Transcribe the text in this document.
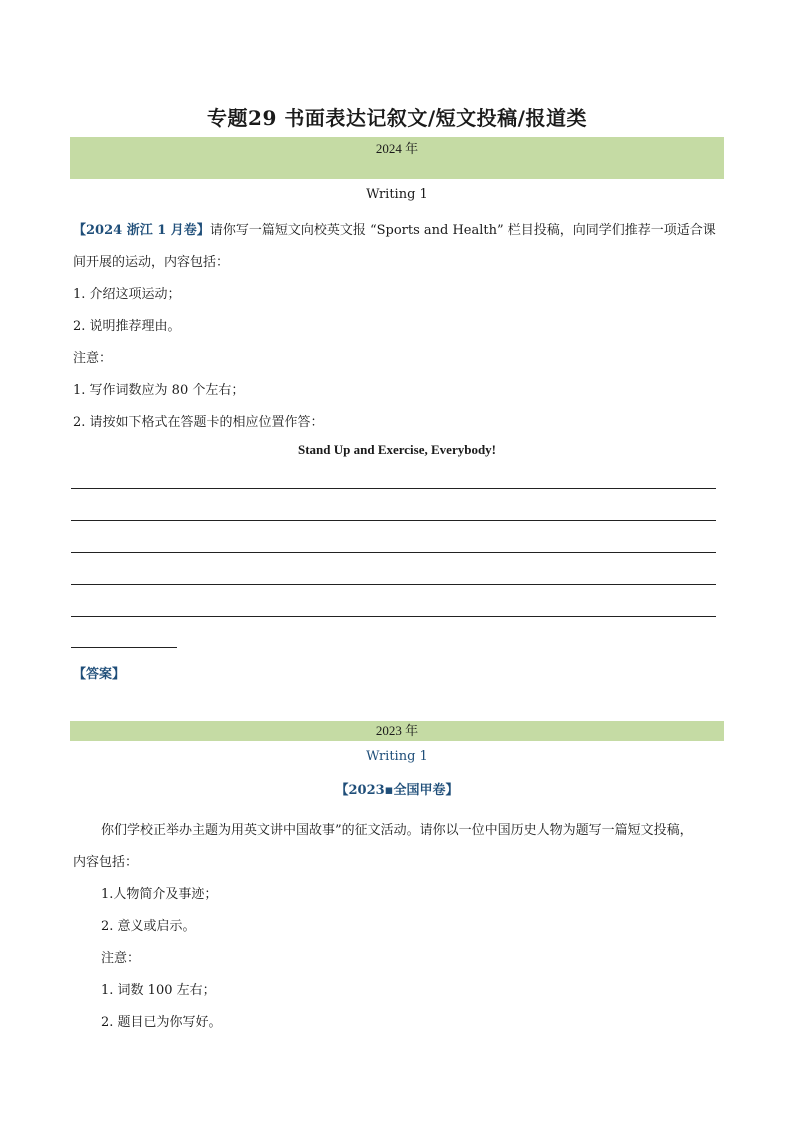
专题29 书面表达记叙文/短文投稿/报道类
2024 年
Writing 1
【2024 浙江 1 月卷】请你写一篇短文向校英文报 “Sports and Health” 栏目投稿，向同学们推荐一项适合课
间开展的运动，内容包括：
1. 介绍这项运动；
2. 说明推荐理由。
注意：
1. 写作词数应为 80 个左右；
2. 请按如下格式在答题卡的相应位置作答：
Stand Up and Exercise, Everybody!
【答案】
2023 年
Writing 1
【2023▪全国甲卷】
你们学校正举办主题为用英文讲中国故事”的征文活动。请你以一位中国历史人物为题写一篇短文投稿，
内容包括：
1.人物简介及事迹；
2. 意义或启示。
注意：
1. 词数 100 左右；
2. 题目已为你写好。
